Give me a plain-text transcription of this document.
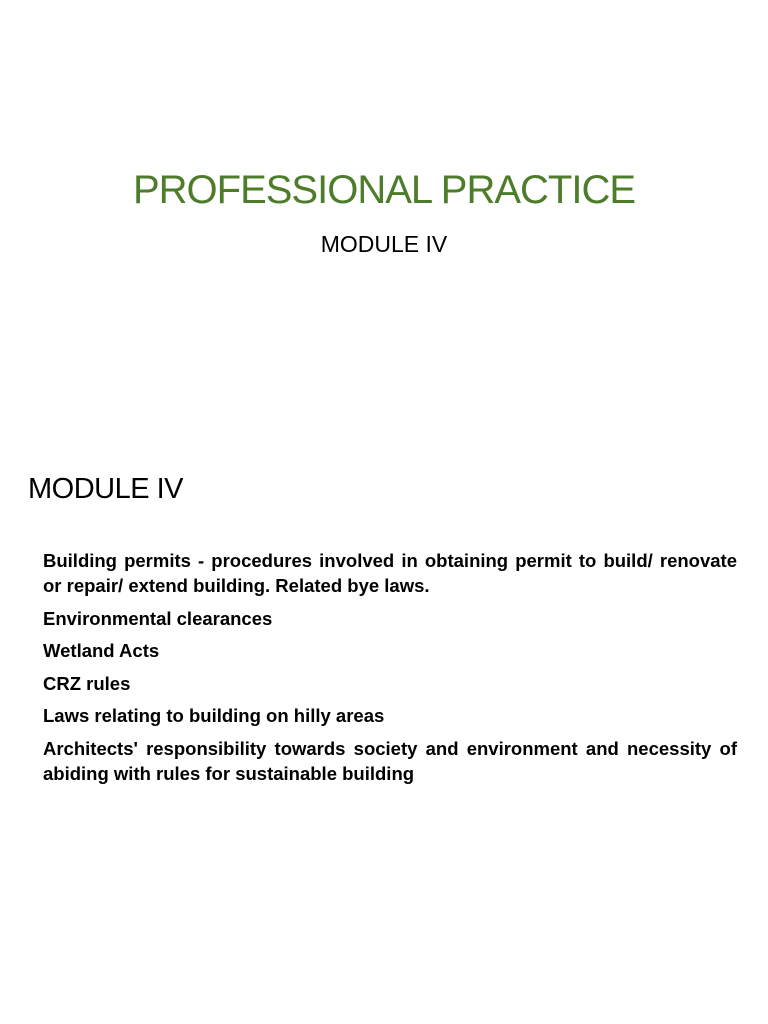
PROFESSIONAL PRACTICE
MODULE IV
MODULE IV
Building permits - procedures involved in obtaining permit to build/ renovate or repair/ extend building. Related bye laws.
Environmental clearances
Wetland Acts
CRZ rules
Laws relating to building on hilly areas
Architects' responsibility towards society and environment and necessity of abiding with rules for sustainable building
